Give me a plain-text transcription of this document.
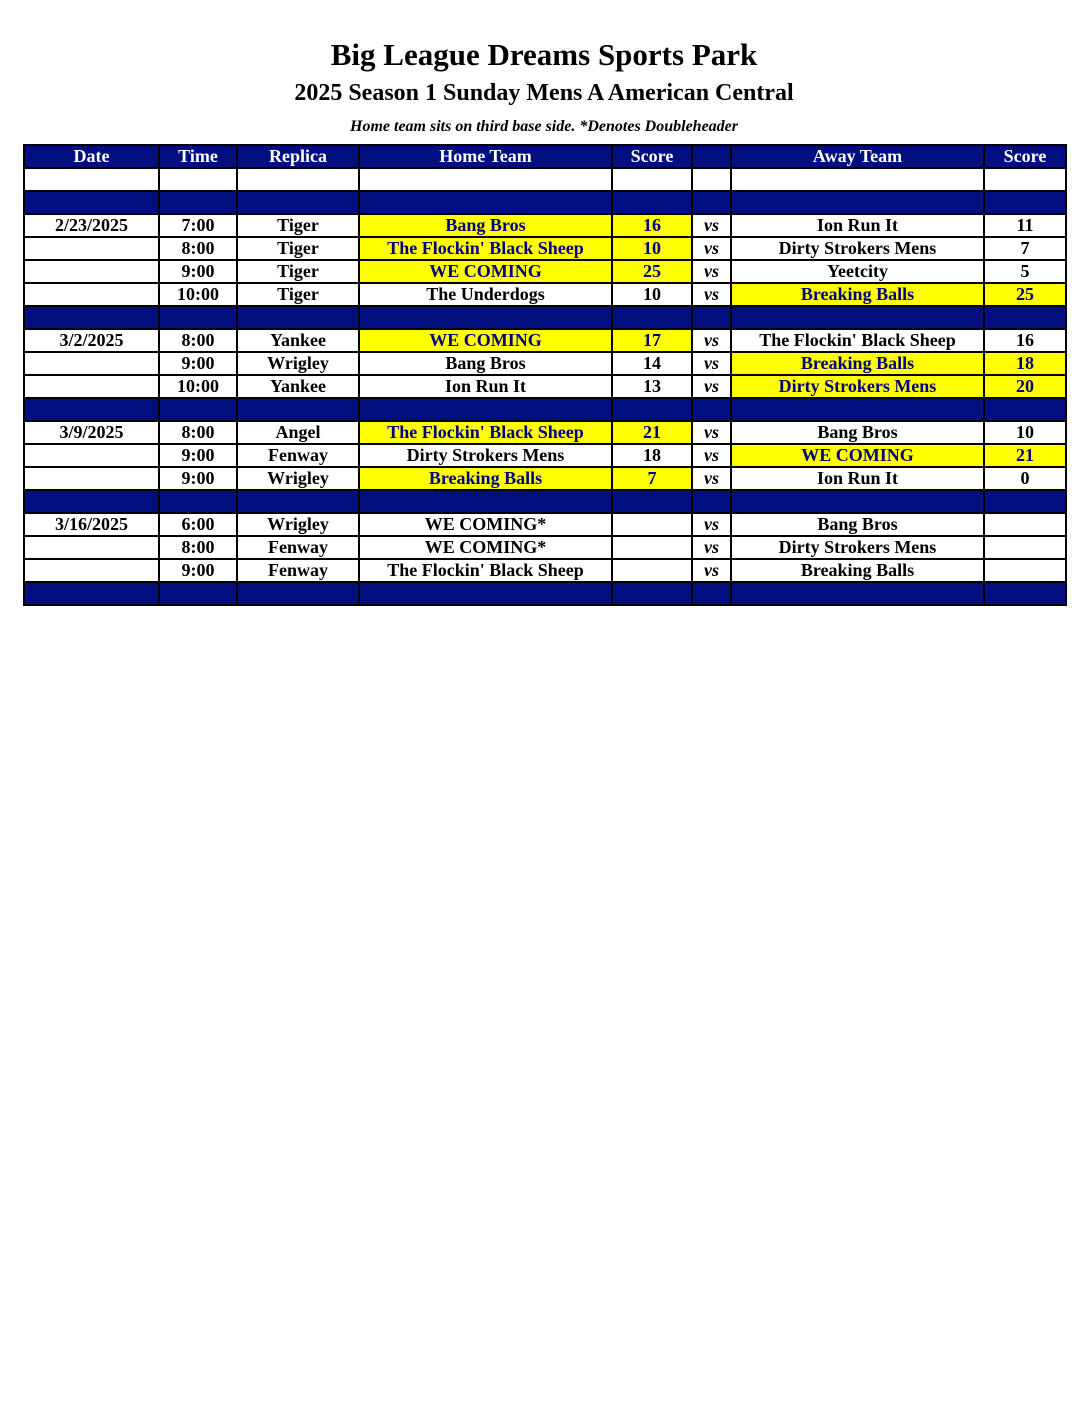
Big League Dreams Sports Park
2025 Season 1 Sunday Mens A American Central
Home team sits on third base side. *Denotes Doubleheader
Date	Time	Replica	Home Team	Score		Away Team	Score

2/23/2025	7:00	Tiger	Bang Bros	16	vs	Ion Run It	11
	8:00	Tiger	The Flockin' Black Sheep	10	vs	Dirty Strokers Mens	7
	9:00	Tiger	WE COMING	25	vs	Yeetcity	5
	10:00	Tiger	The Underdogs	10	vs	Breaking Balls	25

3/2/2025	8:00	Yankee	WE COMING	17	vs	The Flockin' Black Sheep	16
	9:00	Wrigley	Bang Bros	14	vs	Breaking Balls	18
	10:00	Yankee	Ion Run It	13	vs	Dirty Strokers Mens	20

3/9/2025	8:00	Angel	The Flockin' Black Sheep	21	vs	Bang Bros	10
	9:00	Fenway	Dirty Strokers Mens	18	vs	WE COMING	21
	9:00	Wrigley	Breaking Balls	7	vs	Ion Run It	0

3/16/2025	6:00	Wrigley	WE COMING*		vs	Bang Bros	
	8:00	Fenway	WE COMING*		vs	Dirty Strokers Mens	
	9:00	Fenway	The Flockin' Black Sheep		vs	Breaking Balls	
